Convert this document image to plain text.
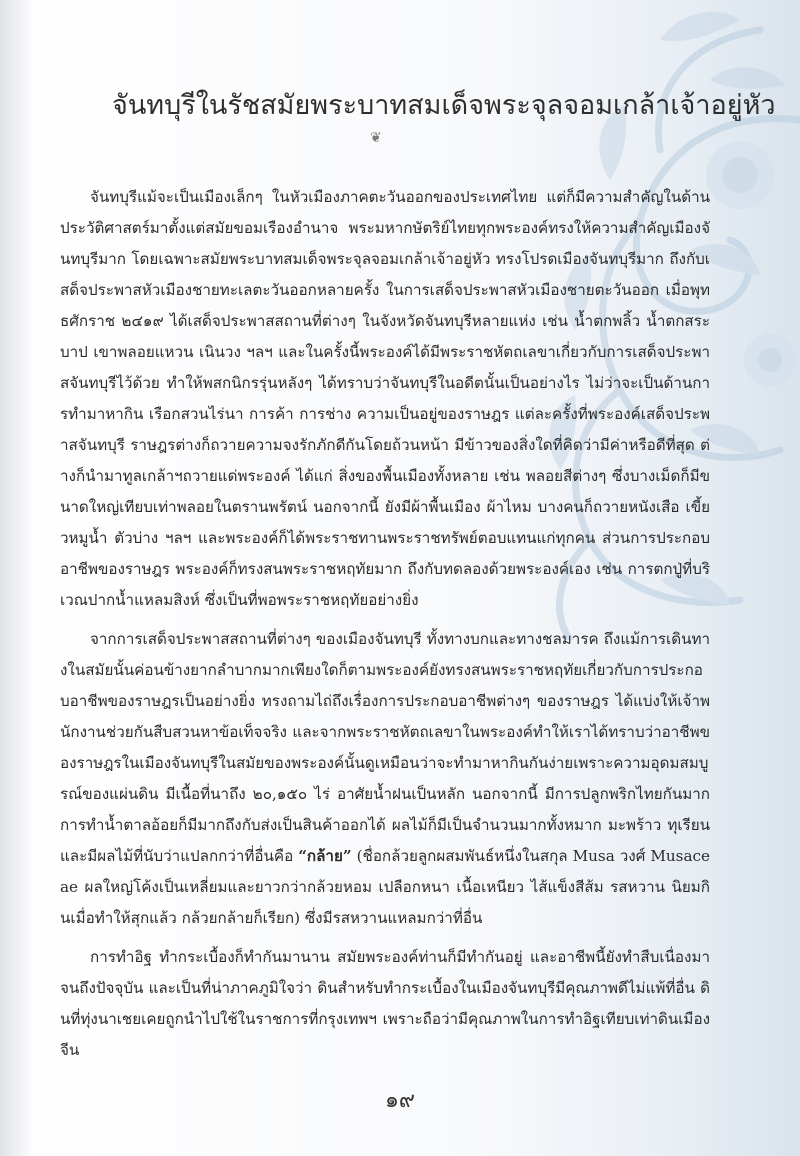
จันทบุรีในรัชสมัยพระบาทสมเด็จพระจุลจอมเกล้าเจ้าอยู่หัว
❦

จันทบุรีแม้จะเป็นเมืองเล็กๆ ในหัวเมืองภาคตะวันออกของประเทศไทย แต่ก็มีความสำคัญในด้านประวัติศาสตร์มาตั้งแต่สมัยขอมเรืองอำนาจ พระมหากษัตริย์ไทยทุกพระองค์ทรงให้ความสำคัญเมืองจันทบุรีมาก โดยเฉพาะสมัยพระบาทสมเด็จพระจุลจอมเกล้าเจ้าอยู่หัว ทรงโปรดเมืองจันทบุรีมาก ถึงกับเสด็จประพาสหัวเมืองชายทะเลตะวันออกหลายครั้ง ในการเสด็จประพาสหัวเมืองชายตะวันออก เมื่อพุทธศักราช ๒๔๑๙ ได้เสด็จประพาสสถานที่ต่างๆ ในจังหวัดจันทบุรีหลายแห่ง เช่น น้ำตกพลิ้ว น้ำตกสระบาป เขาพลอยแหวน เนินวง ฯลฯ และในครั้งนี้พระองค์ได้มีพระราชหัตถเลขาเกี่ยวกับการเสด็จประพาสจันทบุรีไว้ด้วย ทำให้พสกนิกรรุ่นหลังๆ ได้ทราบว่าจันทบุรีในอดีตนั้นเป็นอย่างไร ไม่ว่าจะเป็นด้านการทำมาหากิน เรือกสวนไร่นา การค้า การช่าง ความเป็นอยู่ของราษฎร แต่ละครั้งที่พระองค์เสด็จประพาสจันทบุรี ราษฎรต่างก็ถวายความจงรักภักดีกันโดยถ้วนหน้า มีข้าวของสิ่งใดที่คิดว่ามีค่าหรือดีที่สุด ต่างก็นำมาทูลเกล้าฯถวายแด่พระองค์ ได้แก่ สิ่งของพื้นเมืองทั้งหลาย เช่น พลอยสีต่างๆ ซึ่งบางเม็ดก็มีขนาดใหญ่เทียบเท่าพลอยในตรานพรัตน์ นอกจากนี้ ยังมีผ้าพื้นเมือง ผ้าไหม บางคนก็ถวายหนังเสือ เขี้ยวหมูน้ำ ตัวบ่าง ฯลฯ และพระองค์ก็ได้พระราชทานพระราชทรัพย์ตอบแทนแก่ทุกคน ส่วนการประกอบอาชีพของราษฎร พระองค์ก็ทรงสนพระราชหฤทัยมาก ถึงกับทดลองด้วยพระองค์เอง เช่น การตกปู่ที่บริเวณปากน้ำแหลมสิงห์ ซึ่งเป็นที่พอพระราชหฤทัยอย่างยิ่ง

จากการเสด็จประพาสสถานที่ต่างๆ ของเมืองจันทบุรี ทั้งทางบกและทางชลมารค ถึงแม้การเดินทางในสมัยนั้นค่อนข้างยากลำบากมากเพียงใดก็ตามพระองค์ยังทรงสนพระราชหฤทัยเกี่ยวกับการประกอบอาชีพของราษฎรเป็นอย่างยิ่ง ทรงถามไถ่ถึงเรื่องการประกอบอาชีพต่างๆ ของราษฎร ได้แบ่งให้เจ้าพนักงานช่วยกันสืบสวนหาข้อเท็จจริง และจากพระราชหัตถเลขาในพระองค์ทำให้เราได้ทราบว่าอาชีพของราษฎรในเมืองจันทบุรีในสมัยของพระองค์นั้นดูเหมือนว่าจะทำมาหากินกันง่ายเพราะความอุดมสมบูรณ์ของแผ่นดิน มีเนื้อที่นาถึง ๒๐,๑๕๐ ไร่ อาศัยน้ำฝนเป็นหลัก นอกจากนี้ มีการปลูกพริกไทยกันมาก การทำน้ำตาลอ้อยก็มีมากถึงกับส่งเป็นสินค้าออกได้ ผลไม้ก็มีเป็นจำนวนมากทั้งหมาก มะพร้าว ทุเรียน และมีผลไม้ที่นับว่าแปลกกว่าที่อื่นคือ “กล้าย” (ชื่อกล้วยลูกผสมพันธ์หนึ่งในสกุล Musa วงศ์ Musaceae ผลใหญ่โค้งเป็นเหลี่ยมและยาวกว่ากล้วยหอม เปลือกหนา เนื้อเหนียว ไส้แข็งสีส้ม รสหวาน นิยมกินเมื่อทำให้สุกแล้ว กล้วยกล้ายก็เรียก) ซึ่งมีรสหวานแหลมกว่าที่อื่น

การทำอิฐ ทำกระเบื้องก็ทำกันมานาน สมัยพระองค์ท่านก็มีทำกันอยู่ และอาชีพนี้ยังทำสืบเนื่องมาจนถึงปัจจุบัน และเป็นที่น่าภาคภูมิใจว่า ดินสำหรับทำกระเบื้องในเมืองจันทบุรีมีคุณภาพดีไม่แพ้ที่อื่น ดินที่ทุ่งนาเชยเคยถูกนำไปใช้ในราชการที่กรุงเทพฯ เพราะถือว่ามีคุณภาพในการทำอิฐเทียบเท่าดินเมืองจีน

๑๙
